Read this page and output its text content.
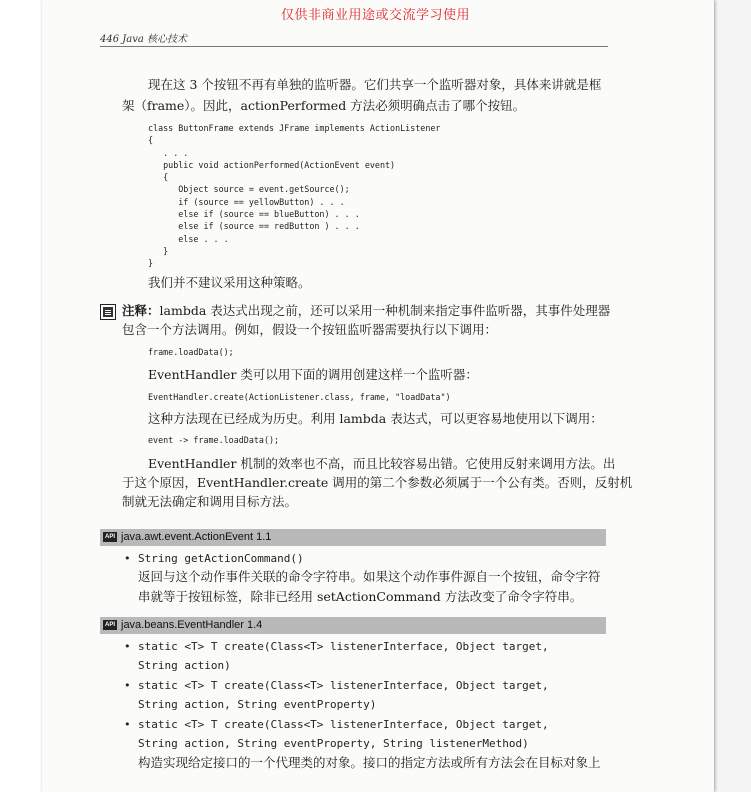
仅供非商业用途或交流学习使用
446 Java 核心技术
现在这 3 个按钮不再有单独的监听器。它们共享一个监听器对象，具体来讲就是框
架（frame）。因此，actionPerformed 方法必须明确点击了哪个按钮。
class ButtonFrame extends JFrame implements ActionListener
{
. . .
public void actionPerformed(ActionEvent event)
{
Object source = event.getSource();
if (source == yellowButton) . . .
else if (source == blueButton) . . .
else if (source == redButton ) . . .
else . . .
}
}
我们并不建议采用这种策略。
注释：lambda 表达式出现之前，还可以采用一种机制来指定事件监听器，其事件处理器
包含一个方法调用。例如，假设一个按钮监听器需要执行以下调用：
frame.loadData();
EventHandler 类可以用下面的调用创建这样一个监听器：
EventHandler.create(ActionListener.class, frame, "loadData")
这种方法现在已经成为历史。利用 lambda 表达式，可以更容易地使用以下调用：
event -> frame.loadData();
EventHandler 机制的效率也不高，而且比较容易出错。它使用反射来调用方法。出
于这个原因，EventHandler.create 调用的第二个参数必须属于一个公有类。否则，反射机
制就无法确定和调用目标方法。
API java.awt.event.ActionEvent 1.1
• String getActionCommand()
返回与这个动作事件关联的命令字符串。如果这个动作事件源自一个按钮，命令字符
串就等于按钮标签，除非已经用 setActionCommand 方法改变了命令字符串。
API java.beans.EventHandler 1.4
• static <T> T create(Class<T> listenerInterface, Object target,
String action)
• static <T> T create(Class<T> listenerInterface, Object target,
String action, String eventProperty)
• static <T> T create(Class<T> listenerInterface, Object target,
String action, String eventProperty, String listenerMethod)
构造实现给定接口的一个代理类的对象。接口的指定方法或所有方法会在目标对象上
